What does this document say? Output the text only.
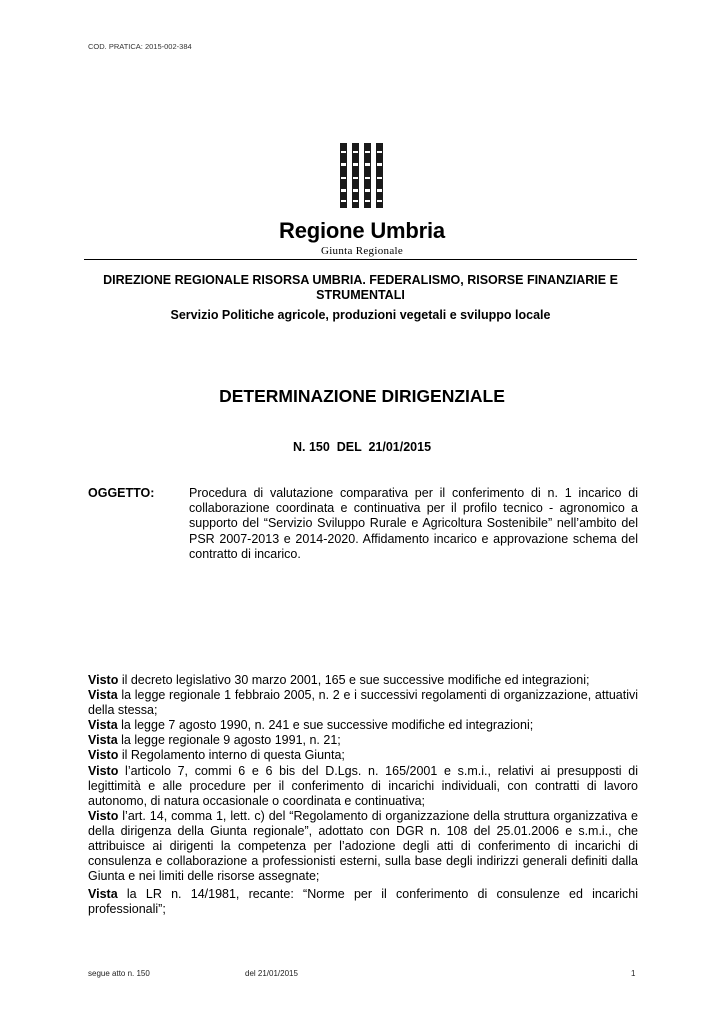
COD. PRATICA: 2015-002-384
Regione Umbria
Giunta Regionale
DIREZIONE REGIONALE RISORSA UMBRIA. FEDERALISMO, RISORSE FINANZIARIE E STRUMENTALI
Servizio Politiche agricole, produzioni vegetali e sviluppo locale
DETERMINAZIONE DIRIGENZIALE
N. 150  DEL  21/01/2015
OGGETTO:	Procedura di valutazione comparativa per il conferimento di n. 1 incarico di collaborazione coordinata e continuativa per il profilo tecnico - agronomico a supporto del “Servizio Sviluppo Rurale e Agricoltura Sostenibile” nell’ambito del PSR 2007-2013 e 2014-2020. Affidamento incarico e approvazione schema del contratto di incarico.

Visto il decreto legislativo 30 marzo 2001, 165 e sue successive modifiche ed integrazioni;

Vista la legge regionale 1 febbraio 2005, n. 2 e i successivi regolamenti di organizzazione, attuativi della stessa;

Vista la legge 7 agosto 1990, n. 241 e sue successive modifiche ed integrazioni;

Vista la legge regionale 9 agosto 1991, n. 21;

Visto il Regolamento interno di questa Giunta;

Visto l’articolo 7, commi 6 e 6 bis del D.Lgs. n. 165/2001 e s.m.i., relativi ai presupposti di legittimità e alle procedure per il conferimento di incarichi individuali, con contratti di lavoro autonomo, di natura occasionale o coordinata e continuativa;

Visto l’art. 14, comma 1, lett. c) del “Regolamento di organizzazione della struttura organizzativa e della dirigenza della Giunta regionale”, adottato con DGR n. 108 del 25.01.2006 e s.m.i., che attribuisce ai dirigenti la competenza per l’adozione degli atti di conferimento di incarichi di consulenza e collaborazione a professionisti esterni, sulla base degli indirizzi generali definiti dalla Giunta e nei limiti delle risorse assegnate;

Vista la LR n. 14/1981, recante: “Norme per il conferimento di consulenze ed incarichi professionali”;

segue atto n. 150	del 21/01/2015	1
